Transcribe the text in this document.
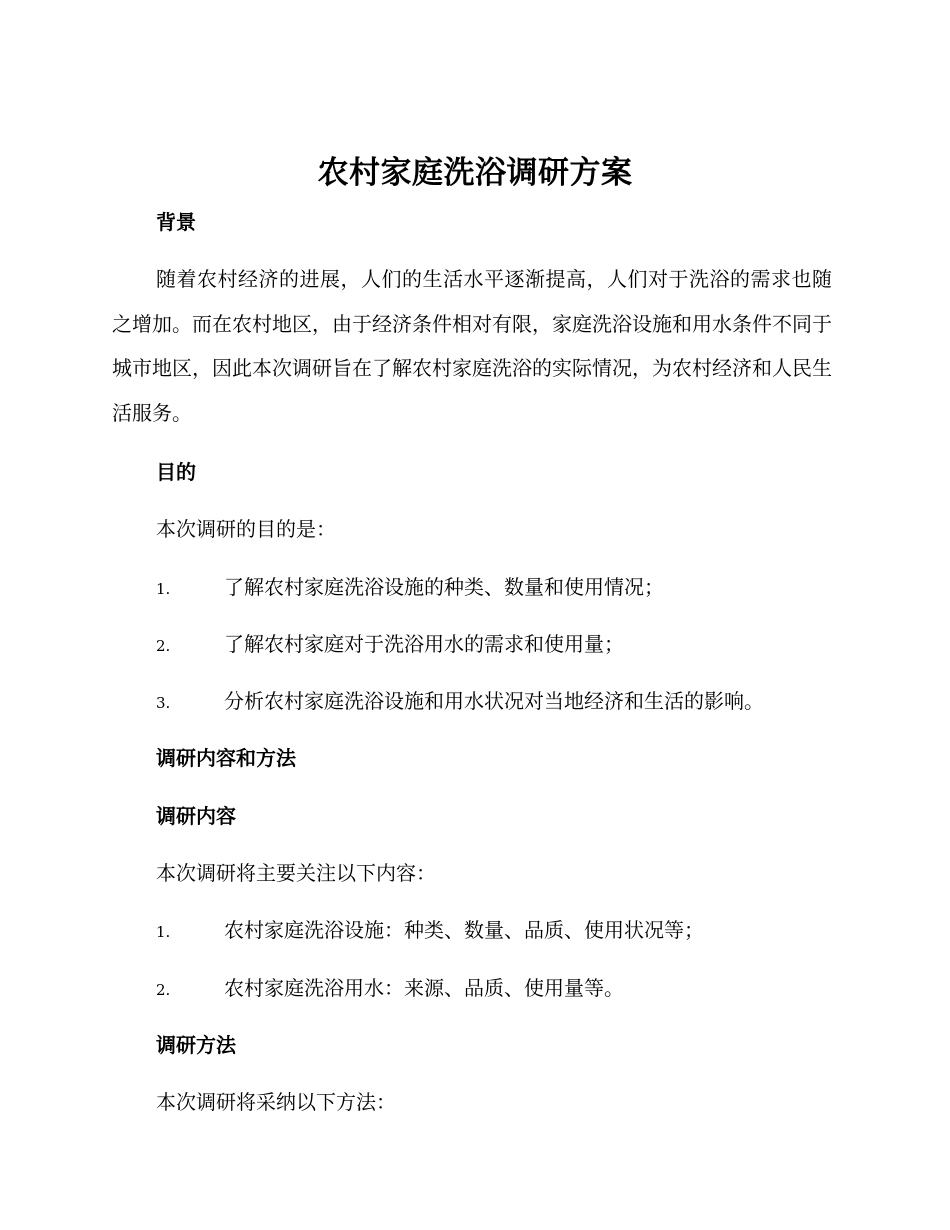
农村家庭洗浴调研方案
背景
随着农村经济的进展，人们的生活水平逐渐提高，人们对于洗浴的需求也随之增加。而在农村地区，由于经济条件相对有限，家庭洗浴设施和用水条件不同于城市地区，因此本次调研旨在了解农村家庭洗浴的实际情况，为农村经济和人民生活服务。
目的
本次调研的目的是：
1.	了解农村家庭洗浴设施的种类、数量和使用情况；
2.	了解农村家庭对于洗浴用水的需求和使用量；
3.	分析农村家庭洗浴设施和用水状况对当地经济和生活的影响。
调研内容和方法
调研内容
本次调研将主要关注以下内容：
1.	农村家庭洗浴设施：种类、数量、品质、使用状况等；
2.	农村家庭洗浴用水：来源、品质、使用量等。
调研方法
本次调研将采纳以下方法：
